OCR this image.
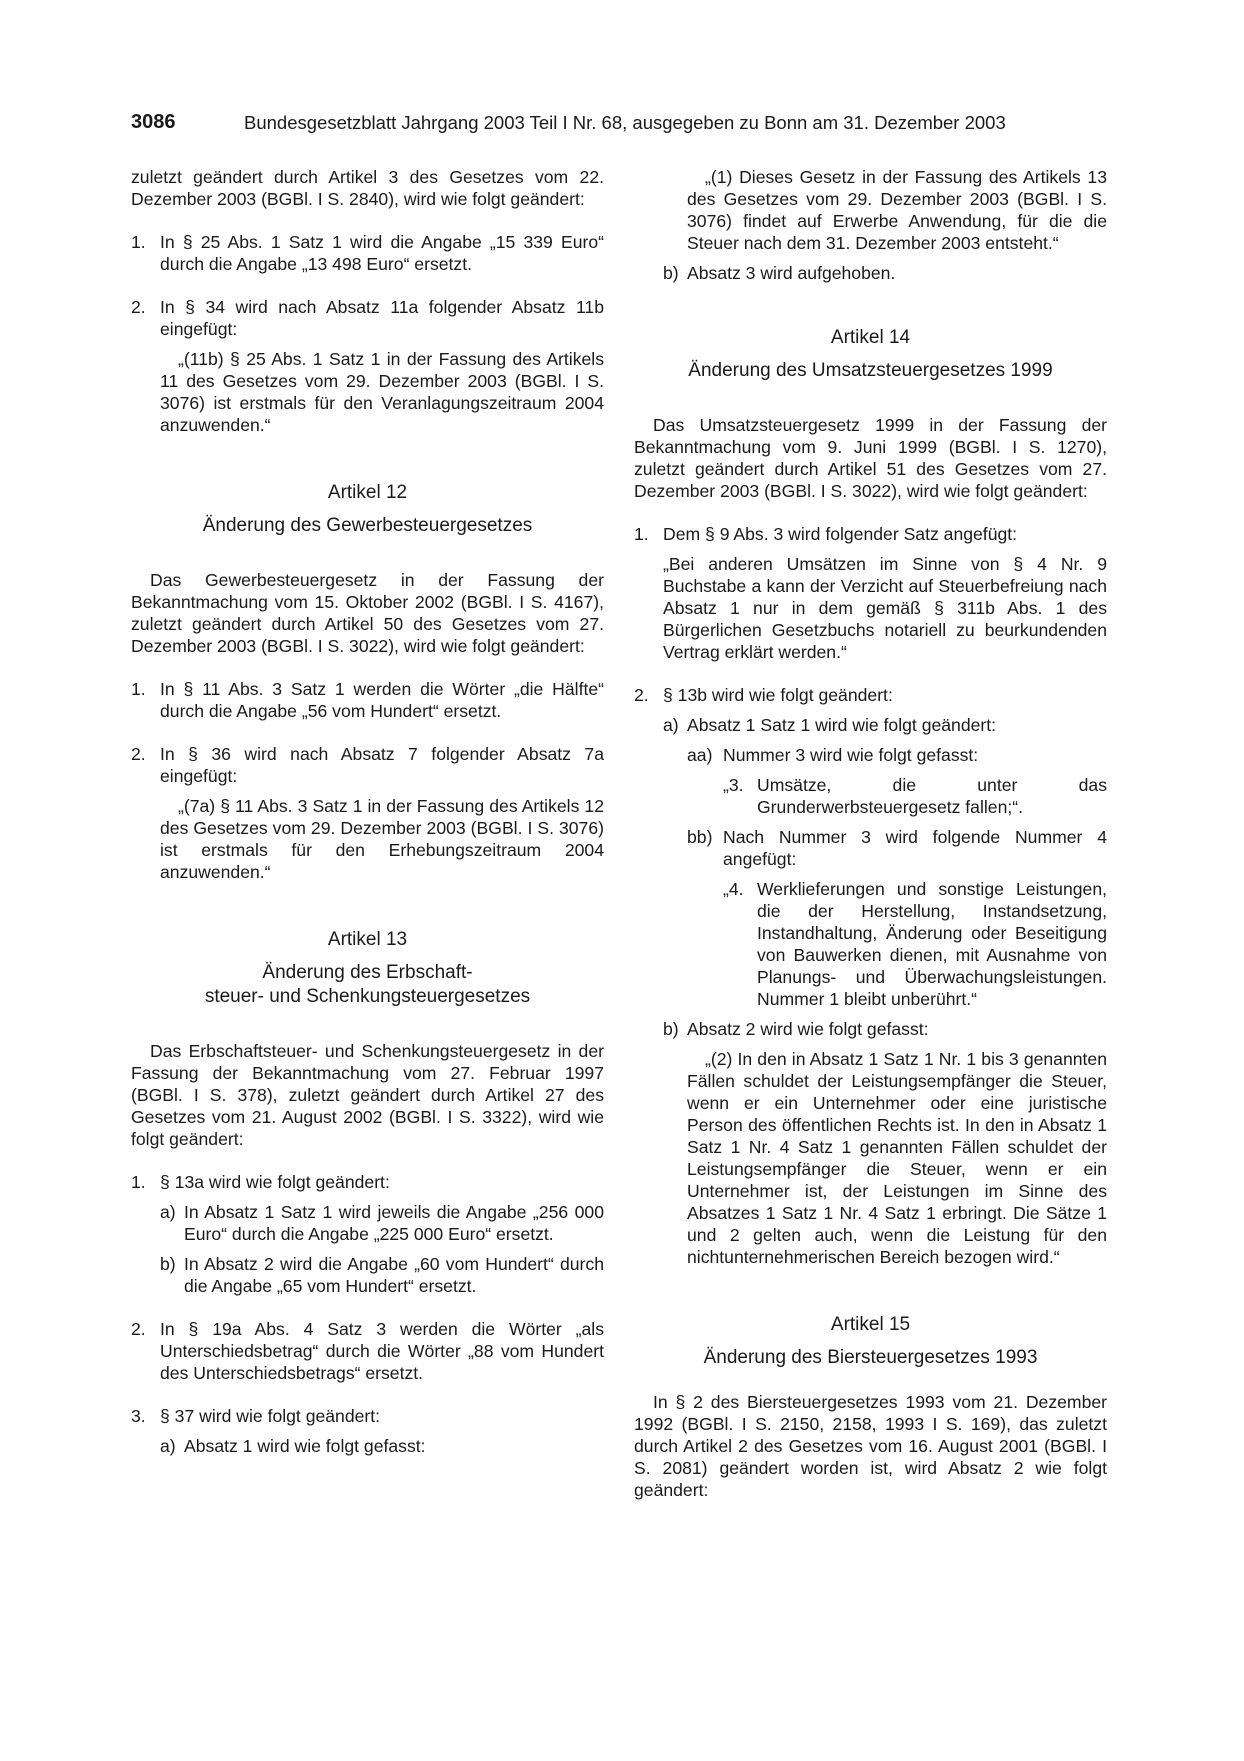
3086	Bundesgesetzblatt Jahrgang 2003 Teil I Nr. 68, ausgegeben zu Bonn am 31. Dezember 2003

zuletzt geändert durch Artikel 3 des Gesetzes vom 22. Dezember 2003 (BGBl. I S. 2840), wird wie folgt geändert:

1. In § 25 Abs. 1 Satz 1 wird die Angabe „15 339 Euro“ durch die Angabe „13 498 Euro“ ersetzt.
2. In § 34 wird nach Absatz 11a folgender Absatz 11b eingefügt:
„(11b) § 25 Abs. 1 Satz 1 in der Fassung des Artikels 11 des Gesetzes vom 29. Dezember 2003 (BGBl. I S. 3076) ist erstmals für den Veranlagungszeitraum 2004 anzuwenden.“

Artikel 12

Änderung des Gewerbesteuergesetzes

Das Gewerbesteuergesetz in der Fassung der Bekanntmachung vom 15. Oktober 2002 (BGBl. I S. 4167), zuletzt geändert durch Artikel 50 des Gesetzes vom 27. Dezember 2003 (BGBl. I S. 3022), wird wie folgt geändert:

1. In § 11 Abs. 3 Satz 1 werden die Wörter „die Hälfte“ durch die Angabe „56 vom Hundert“ ersetzt.
2. In § 36 wird nach Absatz 7 folgender Absatz 7a eingefügt:
„(7a) § 11 Abs. 3 Satz 1 in der Fassung des Artikels 12 des Gesetzes vom 29. Dezember 2003 (BGBl. I S. 3076) ist erstmals für den Erhebungszeitraum 2004 anzuwenden.“

Artikel 13

Änderung des Erbschaft-

steuer- und Schenkungsteuergesetzes

Das Erbschaftsteuer- und Schenkungsteuergesetz in der Fassung der Bekanntmachung vom 27. Februar 1997 (BGBl. I S. 378), zuletzt geändert durch Artikel 27 des Gesetzes vom 21. August 2002 (BGBl. I S. 3322), wird wie folgt geändert:

1. § 13a wird wie folgt geändert:
a) In Absatz 1 Satz 1 wird jeweils die Angabe „256 000 Euro“ durch die Angabe „225 000 Euro“ ersetzt.
b) In Absatz 2 wird die Angabe „60 vom Hundert“ durch die Angabe „65 vom Hundert“ ersetzt.
2. In § 19a Abs. 4 Satz 3 werden die Wörter „als Unterschiedsbetrag“ durch die Wörter „88 vom Hundert des Unterschiedsbetrags“ ersetzt.
3. § 37 wird wie folgt geändert:
a) Absatz 1 wird wie folgt gefasst:
„(1) Dieses Gesetz in der Fassung des Artikels 13 des Gesetzes vom 29. Dezember 2003 (BGBl. I S. 3076) findet auf Erwerbe Anwendung, für die die Steuer nach dem 31. Dezember 2003 entsteht.“
b) Absatz 3 wird aufgehoben.

Artikel 14

Änderung des Umsatzsteuergesetzes 1999

Das Umsatzsteuergesetz 1999 in der Fassung der Bekanntmachung vom 9. Juni 1999 (BGBl. I S. 1270), zuletzt geändert durch Artikel 51 des Gesetzes vom 27. Dezember 2003 (BGBl. I S. 3022), wird wie folgt geändert:

1. Dem § 9 Abs. 3 wird folgender Satz angefügt:
„Bei anderen Umsätzen im Sinne von § 4 Nr. 9 Buchstabe a kann der Verzicht auf Steuerbefreiung nach Absatz 1 nur in dem gemäß § 311b Abs. 1 des Bürgerlichen Gesetzbuchs notariell zu beurkundenden Vertrag erklärt werden.“
2. § 13b wird wie folgt geändert:
a) Absatz 1 Satz 1 wird wie folgt geändert:
aa) Nummer 3 wird wie folgt gefasst:
„3. Umsätze, die unter das Grunderwerbsteuergesetz fallen;“.
bb) Nach Nummer 3 wird folgende Nummer 4 angefügt:
„4. Werklieferungen und sonstige Leistungen, die der Herstellung, Instandsetzung, Instandhaltung, Änderung oder Beseitigung von Bauwerken dienen, mit Ausnahme von Planungs- und Überwachungsleistungen. Nummer 1 bleibt unberührt.“
b) Absatz 2 wird wie folgt gefasst:
„(2) In den in Absatz 1 Satz 1 Nr. 1 bis 3 genannten Fällen schuldet der Leistungsempfänger die Steuer, wenn er ein Unternehmer oder eine juristische Person des öffentlichen Rechts ist. In den in Absatz 1 Satz 1 Nr. 4 Satz 1 genannten Fällen schuldet der Leistungsempfänger die Steuer, wenn er ein Unternehmer ist, der Leistungen im Sinne des Absatzes 1 Satz 1 Nr. 4 Satz 1 erbringt. Die Sätze 1 und 2 gelten auch, wenn die Leistung für den nichtunternehmerischen Bereich bezogen wird.“

Artikel 15

Änderung des Biersteuergesetzes 1993

In § 2 des Biersteuergesetzes 1993 vom 21. Dezember 1992 (BGBl. I S. 2150, 2158, 1993 I S. 169), das zuletzt durch Artikel 2 des Gesetzes vom 16. August 2001 (BGBl. I S. 2081) geändert worden ist, wird Absatz 2 wie folgt geändert:
